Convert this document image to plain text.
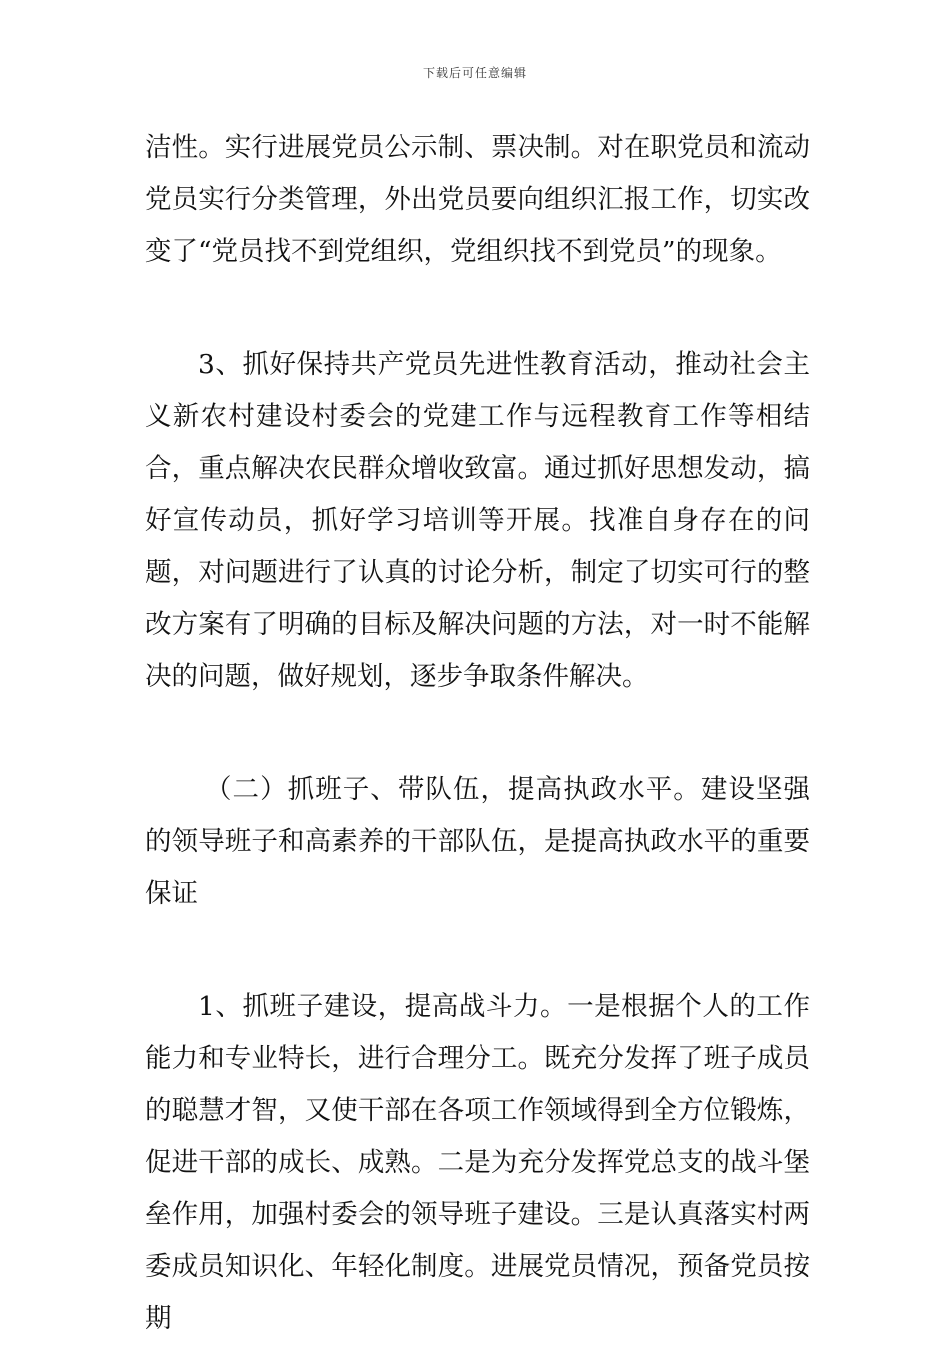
下载后可任意编辑

洁性。实行进展党员公示制、票决制。对在职党员和流动党员实行分类管理，外出党员要向组织汇报工作，切实改变了“党员找不到党组织，党组织找不到党员”的现象。

3、抓好保持共产党员先进性教育活动，推动社会主义新农村建设村委会的党建工作与远程教育工作等相结合，重点解决农民群众增收致富。通过抓好思想发动，搞好宣传动员，抓好学习培训等开展。找准自身存在的问题，对问题进行了认真的讨论分析，制定了切实可行的整改方案有了明确的目标及解决问题的方法，对一时不能解决的问题，做好规划，逐步争取条件解决。

（二）抓班子、带队伍，提高执政水平。建设坚强的领导班子和高素养的干部队伍，是提高执政水平的重要保证

1、抓班子建设，提高战斗力。一是根据个人的工作能力和专业特长，进行合理分工。既充分发挥了班子成员的聪慧才智，又使干部在各项工作领域得到全方位锻炼，促进干部的成长、成熟。二是为充分发挥党总支的战斗堡垒作用，加强村委会的领导班子建设。三是认真落实村两委成员知识化、年轻化制度。进展党员情况，预备党员按期
